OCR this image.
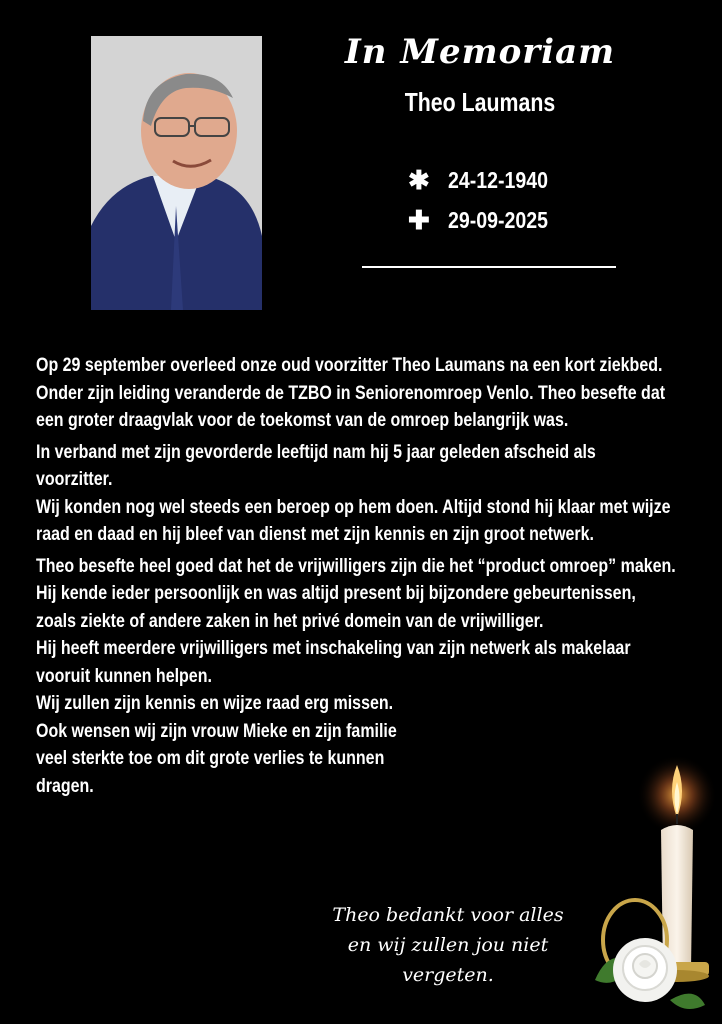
In Memoriam
Theo Laumans
✱ 24-12-1940
✚ 29-09-2025

Op 29 september overleed onze oud voorzitter Theo Laumans na een kort ziekbed.

Onder zijn leiding veranderde de TZBO in Seniorenomroep Venlo. Theo besefte dat

een groter draagvlak voor de toekomst van de omroep belangrijk was.

In verband met zijn gevorderde leeftijd nam hij 5 jaar geleden afscheid als

voorzitter.

Wij konden nog wel steeds een beroep op hem doen. Altijd stond hij klaar met wijze

raad en daad en hij bleef van dienst met zijn kennis en zijn groot netwerk.

Theo besefte heel goed dat het de vrijwilligers zijn die het “product omroep” maken.

Hij kende ieder persoonlijk en was altijd present bij bijzondere gebeurtenissen,

zoals ziekte of andere zaken in het privé domein van de vrijwilliger.

Hij heeft meerdere vrijwilligers met inschakeling van zijn netwerk als makelaar

vooruit kunnen helpen.

Wij zullen zijn kennis en wijze raad erg missen.

Ook wensen wij zijn vrouw Mieke en zijn familie

veel sterkte toe om dit grote verlies te kunnen

dragen.

Theo bedankt voor alles
en wij zullen jou niet
vergeten.
